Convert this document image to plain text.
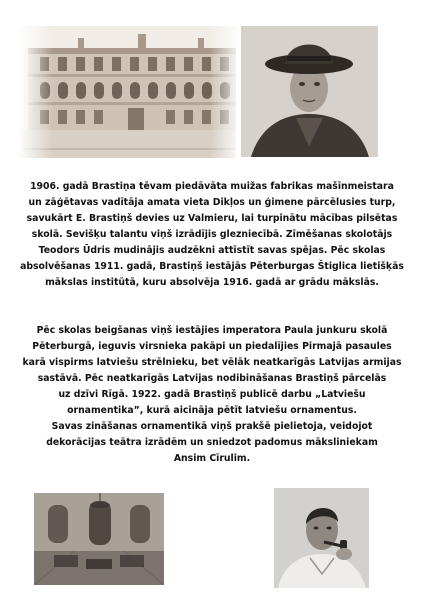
1906. gadā Brastiņa tēvam piedāvāta muižas fabrikas mašīnmeistara

un zāģētavas vadītāja amata vieta Dikļos un ģimene pārcēlusies turp,

savukārt E. Brastiņš devies uz Valmieru, lai turpinātu mācības pilsētas

skolā. Sevišķu talantu viņš izrādījis glezniecībā. Zīmēšanas skolotājs

Teodors Ūdris mudinājis audzēkni attīstīt savas spējas. Pēc skolas

absolvēšanas 1911. gadā, Brastiņš iestājās Pēterburgas Štiglica lietišķās

mākslas institūtā, kuru absolvēja 1916. gadā ar grādu mākslās.

Pēc skolas beigšanas viņš iestājies imperatora Paula junkuru skolā

Pēterburgā, ieguvis virsnieka pakāpi un piedalījies Pirmajā pasaules

karā vispirms latviešu strēlnieku, bet vēlāk neatkarīgās Latvijas armijas

sastāvā. Pēc neatkarīgās Latvijas nodibināšanas Brastiņš pārcelās

uz dzīvi Rīgā. 1922. gadā Brastiņš publicē darbu „Latviešu

ornamentika”, kurā aicināja pētīt latviešu ornamentus.

Savas zināšanas ornamentikā viņš prakšē pielietoja, veidojot

dekorācijas teātra izrādēm un sniedzot padomus māksliniekam

Ansim Cīrulim.
